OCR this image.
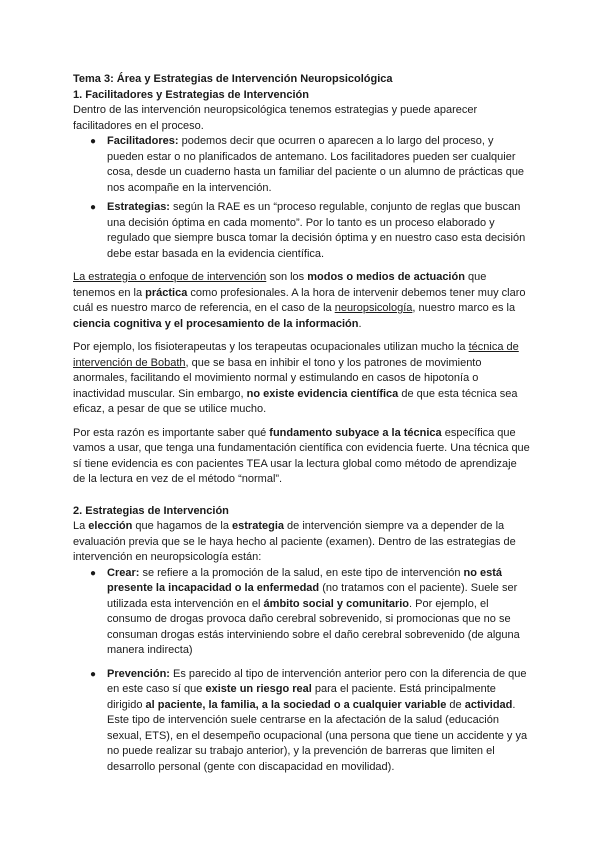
Tema 3: Área y Estrategias de Intervención Neuropsicológica

1. Facilitadores y Estrategias de Intervención

Dentro de las intervención neuropsicológica tenemos estrategias y puede aparecer facilitadores en el proceso.

● Facilitadores: podemos decir que ocurren o aparecen a lo largo del proceso, y pueden estar o no planificados de antemano. Los facilitadores pueden ser cualquier cosa, desde un cuaderno hasta un familiar del paciente o un alumno de prácticas que nos acompañe en la intervención.
● Estrategias: según la RAE es un “proceso regulable, conjunto de reglas que buscan una decisión óptima en cada momento”. Por lo tanto es un proceso elaborado y regulado que siempre busca tomar la decisión óptima y en nuestro caso esta decisión debe estar basada en la evidencia científica.

La estrategia o enfoque de intervención son los modos o medios de actuación que tenemos en la práctica como profesionales. A la hora de intervenir debemos tener muy claro cuál es nuestro marco de referencia, en el caso de la neuropsicología, nuestro marco es la ciencia cognitiva y el procesamiento de la información.

Por ejemplo, los fisioterapeutas y los terapeutas ocupacionales utilizan mucho la técnica de intervención de Bobath, que se basa en inhibir el tono y los patrones de movimiento anormales, facilitando el movimiento normal y estimulando en casos de hipotonía o inactividad muscular. Sin embargo, no existe evidencia científica de que esta técnica sea eficaz, a pesar de que se utilice mucho.

Por esta razón es importante saber qué fundamento subyace a la técnica específica que vamos a usar, que tenga una fundamentación científica con evidencia fuerte. Una técnica que sí tiene evidencia es con pacientes TEA usar la lectura global como método de aprendizaje de la lectura en vez de el método “normal”.

2. Estrategias de Intervención

La elección que hagamos de la estrategia de intervención siempre va a depender de la evaluación previa que se le haya hecho al paciente (examen). Dentro de las estrategias de intervención en neuropsicología están:

● Crear: se refiere a la promoción de la salud, en este tipo de intervención no está presente la incapacidad o la enfermedad (no tratamos con el paciente). Suele ser utilizada esta intervención en el ámbito social y comunitario. Por ejemplo, el consumo de drogas provoca daño cerebral sobrevenido, si promocionas que no se consuman drogas estás interviniendo sobre el daño cerebral sobrevenido (de alguna manera indirecta)
● Prevención: Es parecido al tipo de intervención anterior pero con la diferencia de que en este caso sí que existe un riesgo real para el paciente. Está principalmente dirigido al paciente, la familia, a la sociedad o a cualquier variable de actividad. Este tipo de intervención suele centrarse en la afectación de la salud (educación sexual, ETS), en el desempeño ocupacional (una persona que tiene un accidente y ya no puede realizar su trabajo anterior), y la prevención de barreras que limiten el desarrollo personal (gente con discapacidad en movilidad).
